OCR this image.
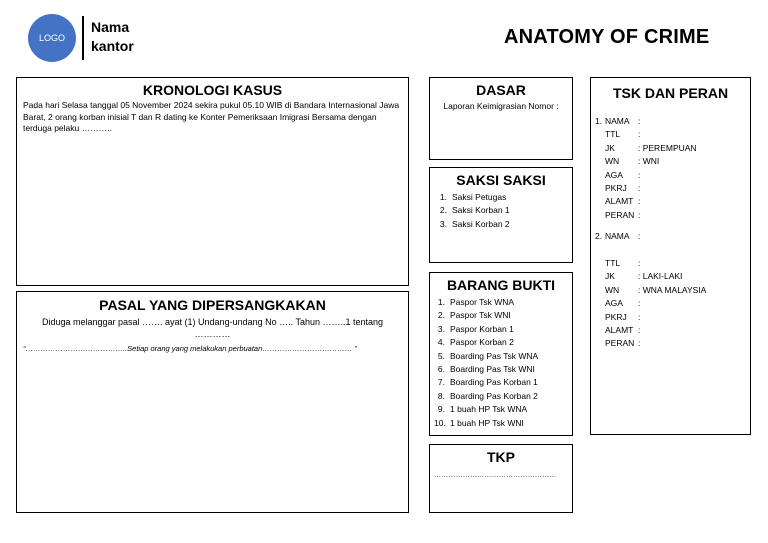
LOGO
Nama kantor	ANATOMY OF CRIME
KRONOLOGI KASUS

Pada hari Selasa tanggal 05 November 2024 sekira pukul 05.10 WIB di Bandara Internasional Jawa Barat, 2 orang korban inisial T dan R dating ke Konter Pemeriksaan Imigrasi Bersama dengan terduga pelaku ………..

PASAL YANG DIPERSANGKAKAN

Diduga melanggar pasal ……. ayat (1) Undang-undang No ….. Tahun ……..1 tentang …………

“…………………………………..Setiap orang yang melakukan perbuatan……………………………… ”

DASAR

Laporan Keimigrasian Nomor :

SAKSI SAKSI
1. Saksi Petugas
2. Saksi Korban 1
3. Saksi Korban 2
BARANG BUKTI
1. Paspor Tsk WNA
2. Paspor Tsk WNI
3. Paspor Korban 1
4. Paspor Korban 2
5. Boarding Pas Tsk WNA
6. Boarding Pas Tsk WNI
7. Boarding Pas Korban 1
8. Boarding Pas Korban 2
9. 1 buah HP Tsk WNA
10. 1 buah HP Tsk WNI
TKP

……………………………………………

TSK DAN PERAN
1. NAMA :
TTL	:
JK	: PEREMPUAN
WN	: WNI
AGA	:
PKRJ	:
ALAMT :
PERAN :
2. NAMA :
TTL	:
JK	: LAKI-LAKI
WN	: WNA MALAYSIA
AGA	:
PKRJ	:
ALAMT :
PERAN :
